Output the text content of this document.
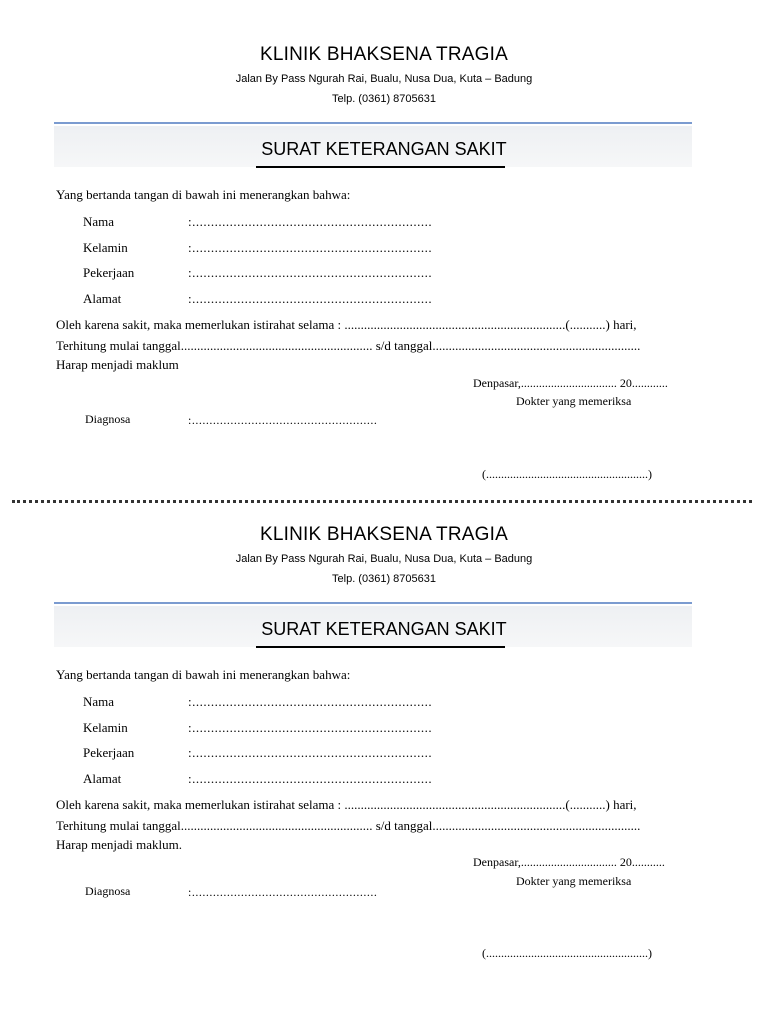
KLINIK BHAKSENA TRAGIA
Jalan By Pass Ngurah Rai, Bualu, Nusa Dua, Kuta – Badung
Telp. (0361) 8705631
SURAT KETERANGAN SAKIT
Yang bertanda tangan di bawah ini menerangkan bahwa:
Nama	:................................................................
Kelamin	:................................................................
Pekerjaan	:................................................................
Alamat	:................................................................
Oleh karena sakit, maka memerlukan istirahat selama : ....................................................................(...........) hari,
Terhitung mulai tanggal........................................................... s/d tanggal................................................................
Harap menjadi maklum
Denpasar,................................ 20............
Dokter yang memeriksa
Diagnosa	:.....................................................
(......................................................)
KLINIK BHAKSENA TRAGIA
Jalan By Pass Ngurah Rai, Bualu, Nusa Dua, Kuta – Badung
Telp. (0361) 8705631
SURAT KETERANGAN SAKIT
Yang bertanda tangan di bawah ini menerangkan bahwa:
Nama	:................................................................
Kelamin	:................................................................
Pekerjaan	:................................................................
Alamat	:................................................................
Oleh karena sakit, maka memerlukan istirahat selama : ....................................................................(...........) hari,
Terhitung mulai tanggal........................................................... s/d tanggal................................................................
Harap menjadi maklum.
Denpasar,................................ 20...........
Dokter yang memeriksa
Diagnosa	:.....................................................
(......................................................)
